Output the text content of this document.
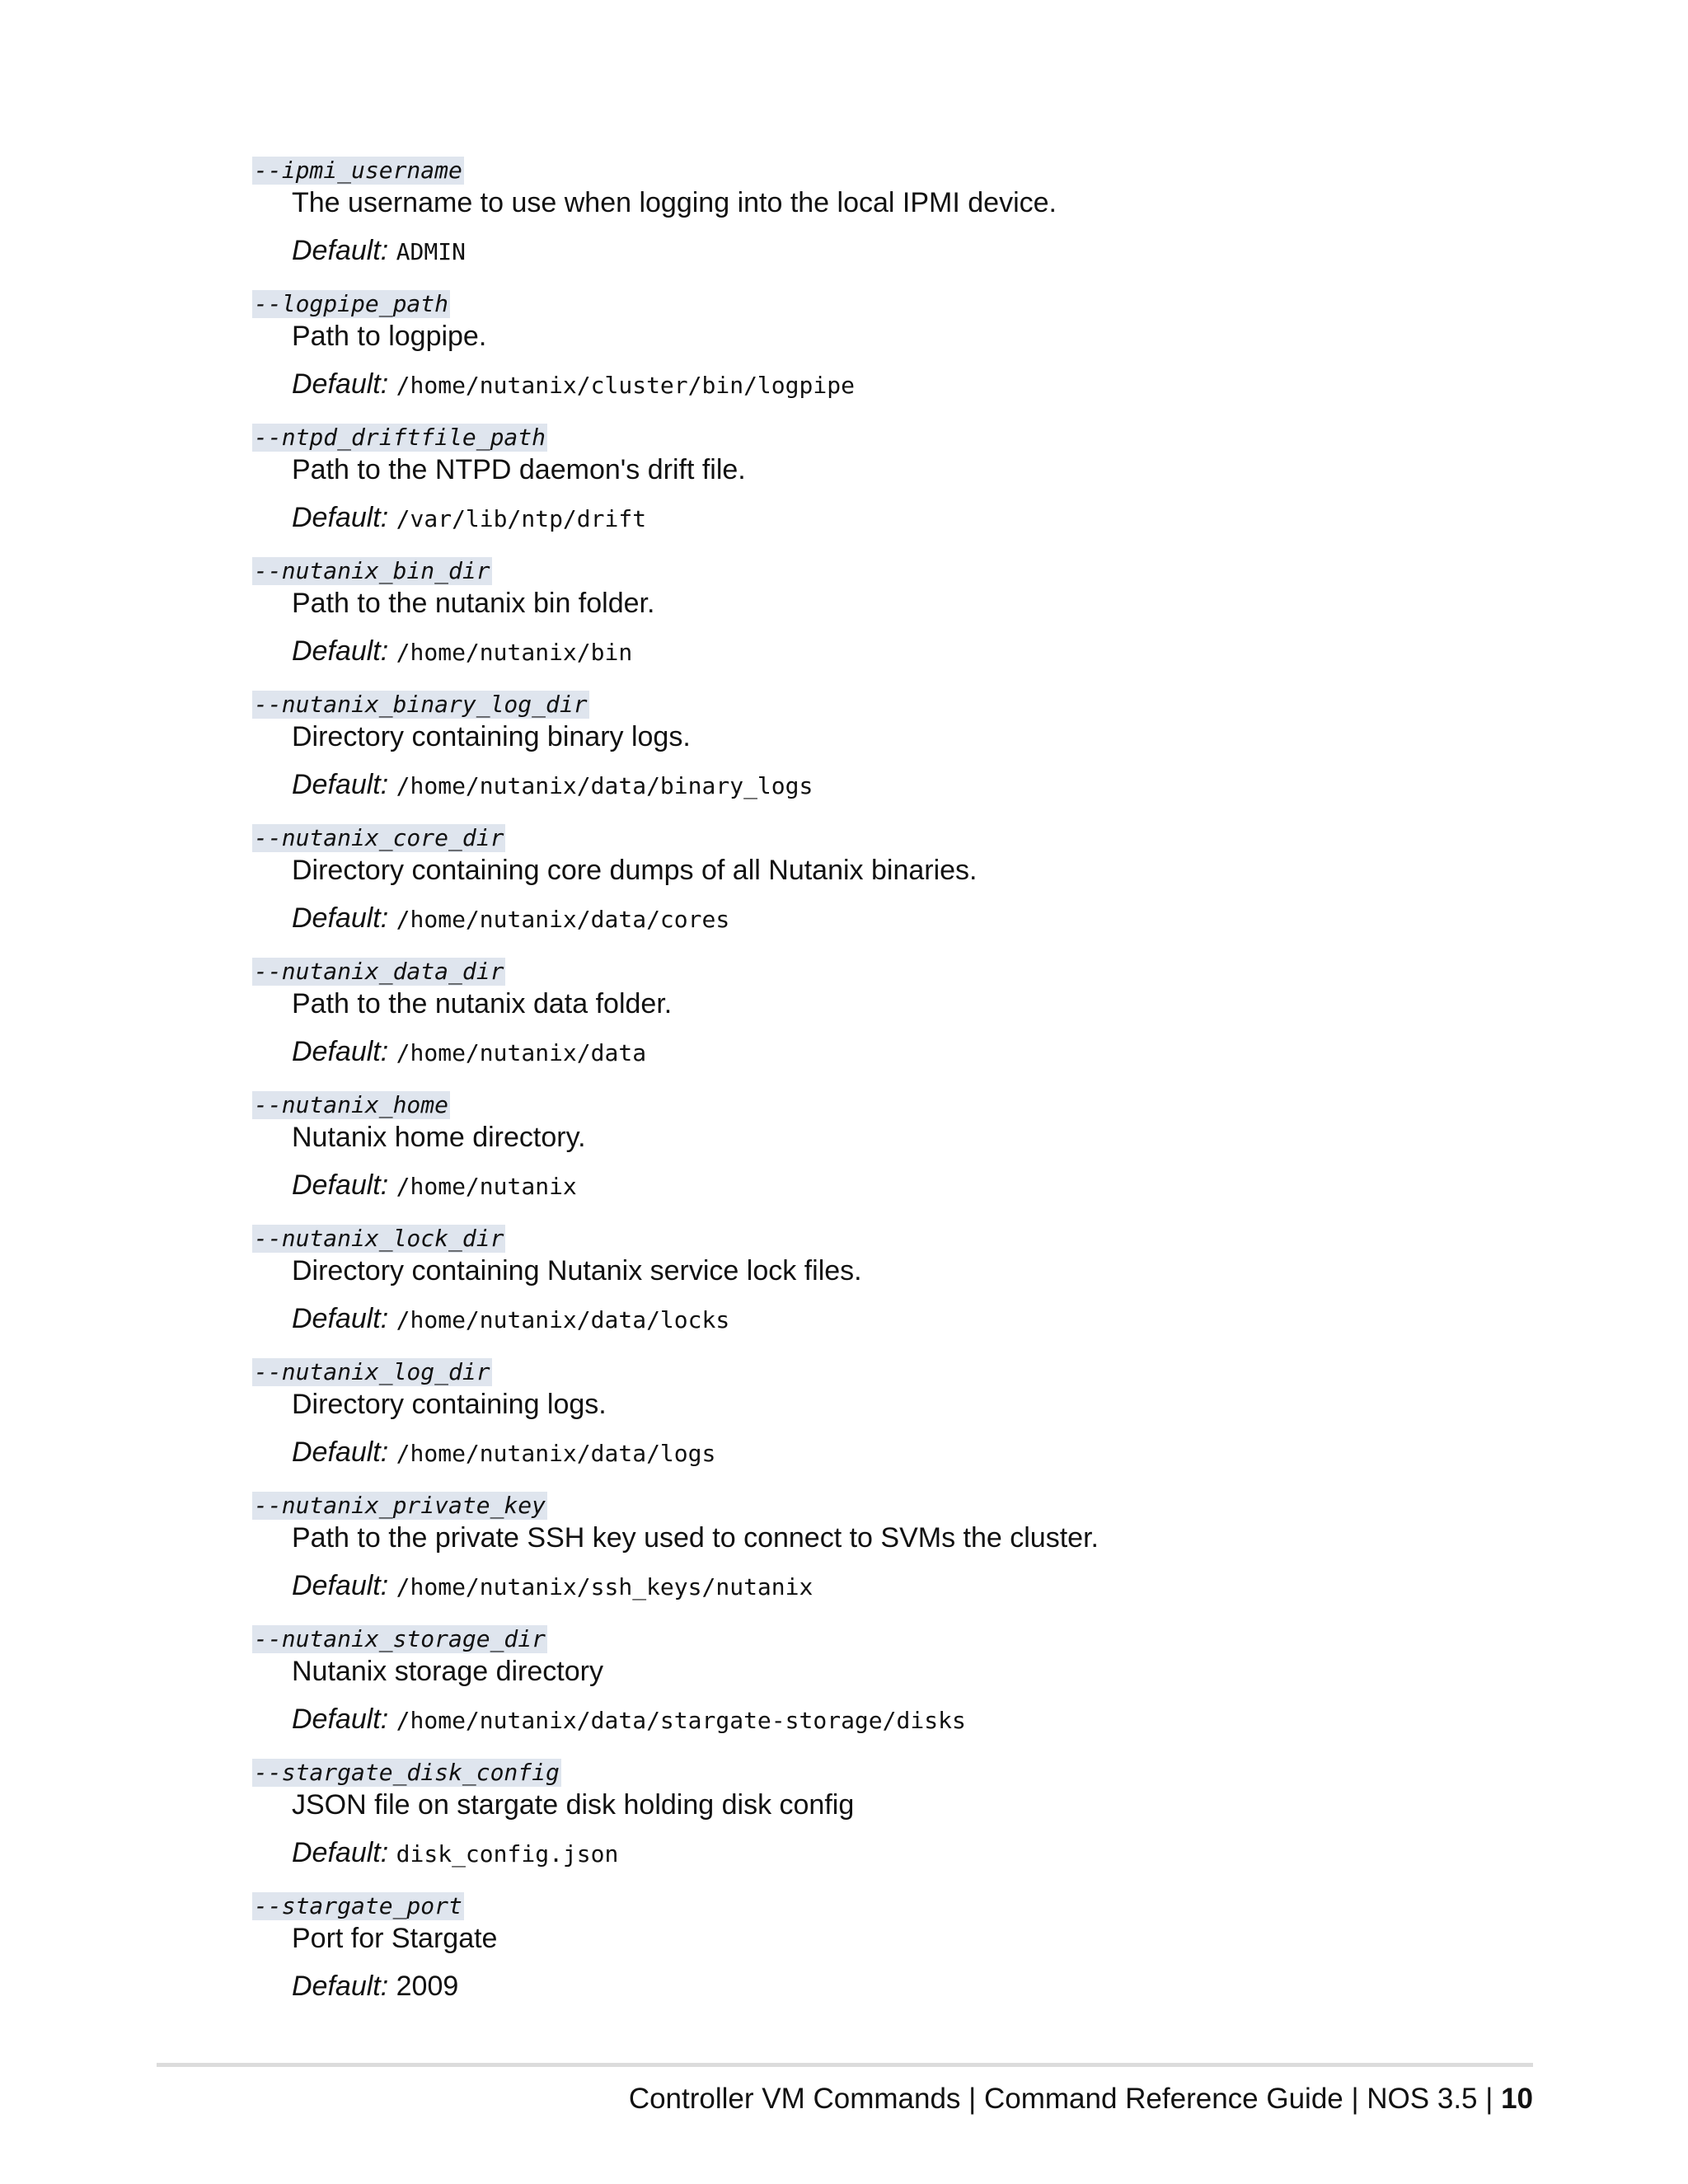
--ipmi_username
The username to use when logging into the local IPMI device.
Default: ADMIN
--logpipe_path
Path to logpipe.
Default: /home/nutanix/cluster/bin/logpipe
--ntpd_driftfile_path
Path to the NTPD daemon's drift file.
Default: /var/lib/ntp/drift
--nutanix_bin_dir
Path to the nutanix bin folder.
Default: /home/nutanix/bin
--nutanix_binary_log_dir
Directory containing binary logs.
Default: /home/nutanix/data/binary_logs
--nutanix_core_dir
Directory containing core dumps of all Nutanix binaries.
Default: /home/nutanix/data/cores
--nutanix_data_dir
Path to the nutanix data folder.
Default: /home/nutanix/data
--nutanix_home
Nutanix home directory.
Default: /home/nutanix
--nutanix_lock_dir
Directory containing Nutanix service lock files.
Default: /home/nutanix/data/locks
--nutanix_log_dir
Directory containing logs.
Default: /home/nutanix/data/logs
--nutanix_private_key
Path to the private SSH key used to connect to SVMs the cluster.
Default: /home/nutanix/ssh_keys/nutanix
--nutanix_storage_dir
Nutanix storage directory
Default: /home/nutanix/data/stargate-storage/disks
--stargate_disk_config
JSON file on stargate disk holding disk config
Default: disk_config.json
--stargate_port
Port for Stargate
Default: 2009
Controller VM Commands | Command Reference Guide | NOS 3.5 | 10
